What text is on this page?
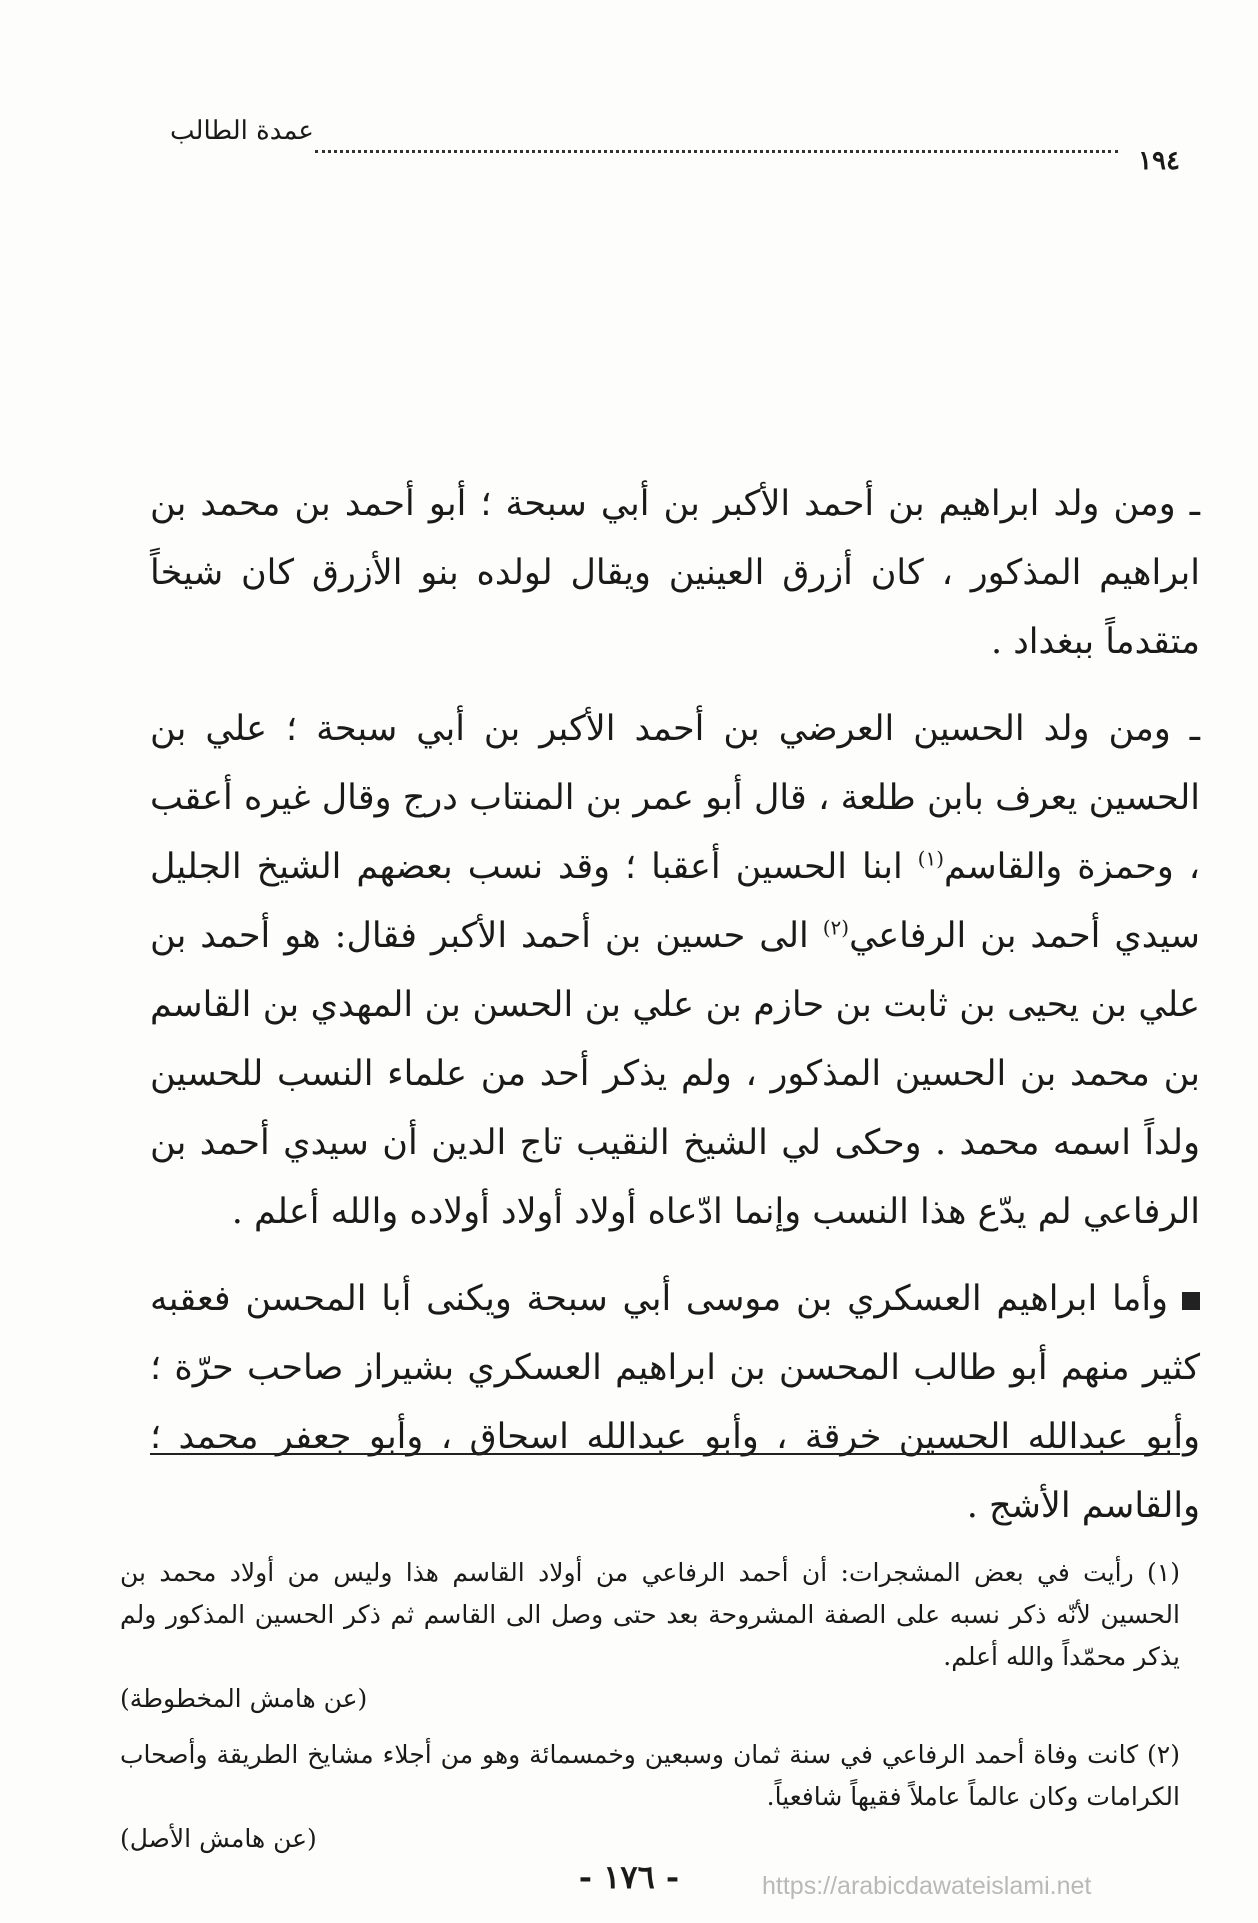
١٩٤
عمدة الطالب

ـ ومن ولد ابراهيم بن أحمد الأكبر بن أبي سبحة ؛ أبو أحمد بن محمد بن ابراهيم المذكور ، كان أزرق العينين ويقال لولده بنو الأزرق كان شيخاً متقدماً ببغداد .

ـ ومن ولد الحسين العرضي بن أحمد الأكبر بن أبي سبحة ؛ علي بن الحسين يعرف بابن طلعة ، قال أبو عمر بن المنتاب درج وقال غيره أعقب ، وحمزة والقاسم$^{(١)}$ ابنا الحسين أعقبا ؛ وقد نسب بعضهم الشيخ الجليل سيدي أحمد بن الرفاعي$^{(٢)}$ الى حسين بن أحمد الأكبر فقال: هو أحمد بن علي بن يحيى بن ثابت بن حازم بن علي بن الحسن بن المهدي بن القاسم بن محمد بن الحسين المذكور ، ولم يذكر أحد من علماء النسب للحسين ولداً اسمه محمد . وحكى لي الشيخ النقيب تاج الدين أن سيدي أحمد بن الرفاعي لم يدّع هذا النسب وإنما ادّعاه أولاد أولاد أولاده والله أعلم .

وأما ابراهيم العسكري بن موسى أبي سبحة ويكنى أبا المحسن فعقبه كثير منهم أبو طالب المحسن بن ابراهيم العسكري بشيراز صاحب حرّة ؛ وأبو عبدالله الحسين خرقة ، وأبو عبدالله اسحاق ، وأبو جعفر محمد ؛ والقاسم الأشج .

(١) رأيت في بعض المشجرات: أن أحمد الرفاعي من أولاد القاسم هذا وليس من أولاد محمد بن الحسين لأنّه ذكر نسبه على الصفة المشروحة بعد حتى وصل الى القاسم ثم ذكر الحسين المذكور ولم يذكر محمّداً والله أعلم.
(عن هامش المخطوطة)

(٢) كانت وفاة أحمد الرفاعي في سنة ثمان وسبعين وخمسمائة وهو من أجلاء مشايخ الطريقة وأصحاب الكرامات وكان عالماً عاملاً فقيهاً شافعياً.
(عن هامش الأصل)

- ١٧٦ -	https://arabicdawateislami.net
